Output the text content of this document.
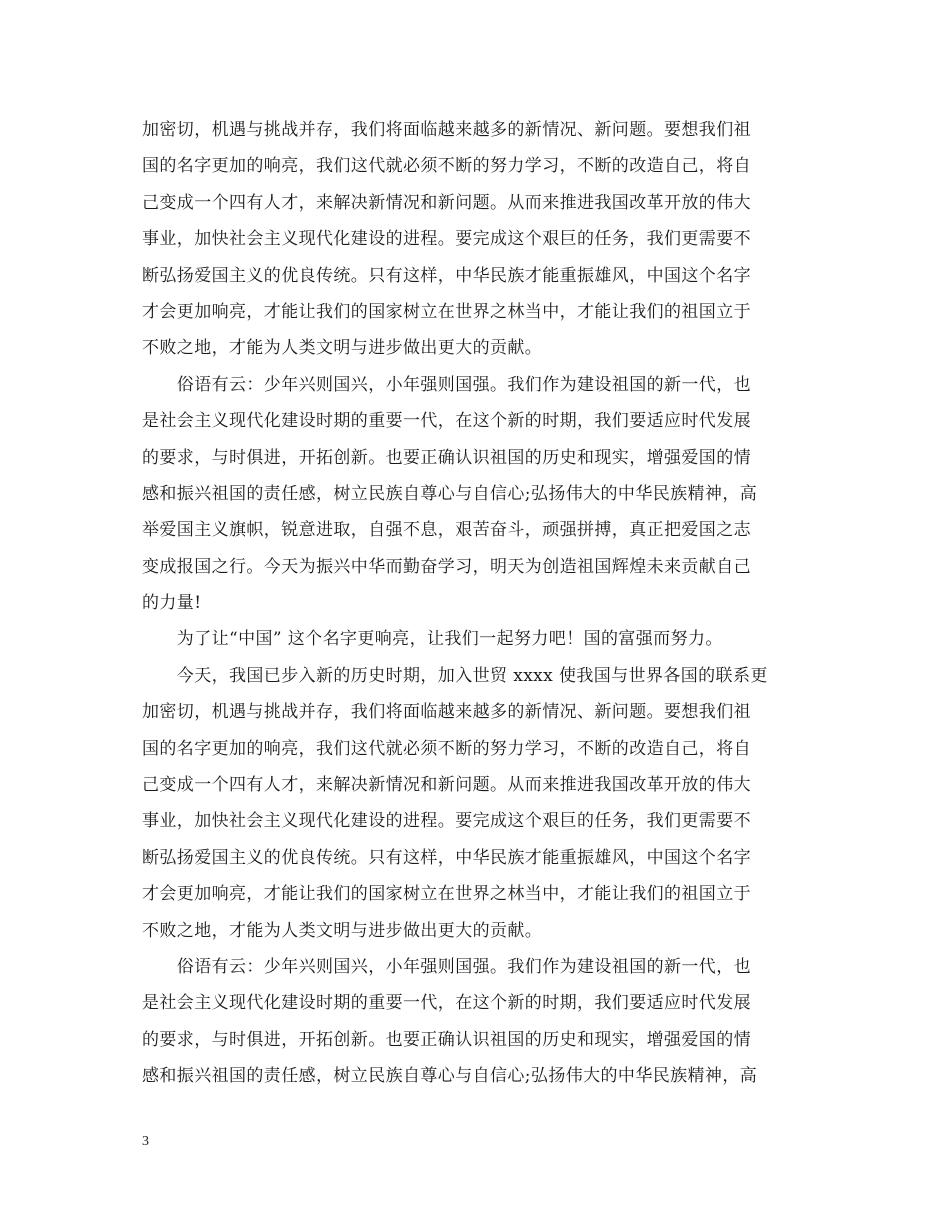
加密切，机遇与挑战并存，我们将面临越来越多的新情况、新问题。要想我们祖
国的名字更加的响亮，我们这代就必须不断的努力学习，不断的改造自己，将自
己变成一个四有人才，来解决新情况和新问题。从而来推进我国改革开放的伟大
事业，加快社会主义现代化建设的进程。要完成这个艰巨的任务，我们更需要不
断弘扬爱国主义的优良传统。只有这样，中华民族才能重振雄风，中国这个名字
才会更加响亮，才能让我们的国家树立在世界之林当中，才能让我们的祖国立于
不败之地，才能为人类文明与进步做出更大的贡献。
　　俗语有云：少年兴则国兴，小年强则国强。我们作为建设祖国的新一代，也
是社会主义现代化建设时期的重要一代，在这个新的时期，我们要适应时代发展
的要求，与时俱进，开拓创新。也要正确认识祖国的历史和现实，增强爱国的情
感和振兴祖国的责任感，树立民族自尊心与自信心;弘扬伟大的中华民族精神，高
举爱国主义旗帜，锐意进取，自强不息，艰苦奋斗，顽强拼搏，真正把爱国之志
变成报国之行。今天为振兴中华而勤奋学习，明天为创造祖国辉煌未来贡献自己
的力量!
　　为了让“中国” 这个名字更响亮，让我们一起努力吧！国的富强而努力。
　　今天，我国已步入新的历史时期，加入世贸 xxxx 使我国与世界各国的联系更
加密切，机遇与挑战并存，我们将面临越来越多的新情况、新问题。要想我们祖
国的名字更加的响亮，我们这代就必须不断的努力学习，不断的改造自己，将自
己变成一个四有人才，来解决新情况和新问题。从而来推进我国改革开放的伟大
事业，加快社会主义现代化建设的进程。要完成这个艰巨的任务，我们更需要不
断弘扬爱国主义的优良传统。只有这样，中华民族才能重振雄风，中国这个名字
才会更加响亮，才能让我们的国家树立在世界之林当中，才能让我们的祖国立于
不败之地，才能为人类文明与进步做出更大的贡献。
　　俗语有云：少年兴则国兴，小年强则国强。我们作为建设祖国的新一代，也
是社会主义现代化建设时期的重要一代，在这个新的时期，我们要适应时代发展
的要求，与时俱进，开拓创新。也要正确认识祖国的历史和现实，增强爱国的情
感和振兴祖国的责任感，树立民族自尊心与自信心;弘扬伟大的中华民族精神，高
3
